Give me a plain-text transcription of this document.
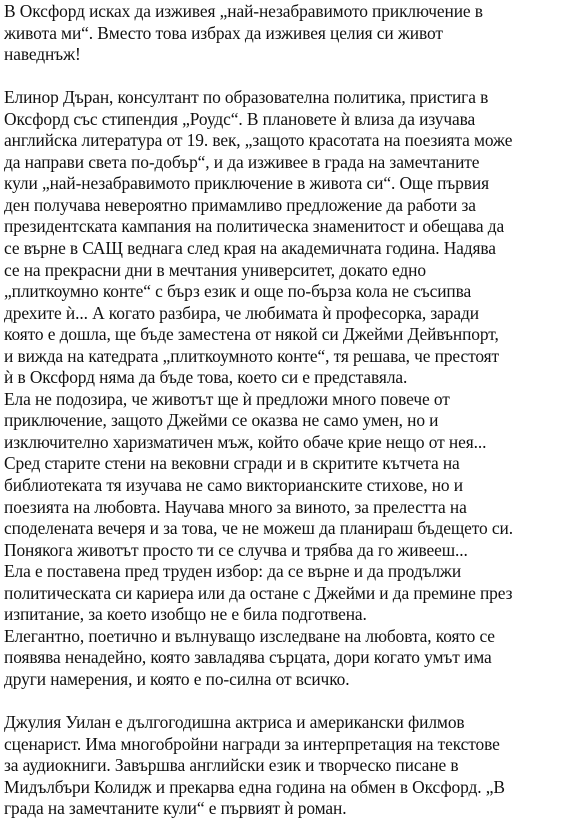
В Оксфорд исках да изживея „най-незабравимото приключение в
живота ми“. Вместо това избрах да изживея целия си живот
наведнъж!

Елинор Дъран, консултант по образователна политика, пристига в
Оксфорд със стипендия „Роудс“. В плановете ѝ влиза да изучава
английска литература от 19. век, „защото красотата на поезията може
да направи света по-добър“, и да изживее в града на замечтаните
кули „най-незабравимото приключение в живота си“. Още първия
ден получава невероятно примамливо предложение да работи за
президентската кампания на политическа знаменитост и обещава да
се върне в САЩ веднага след края на академичната година. Надява
се на прекрасни дни в мечтания университет, докато едно
„плиткоумно конте“ с бърз език и още по-бърза кола не съсипва
дрехите ѝ... А когато разбира, че любимата ѝ професорка, заради
която е дошла, ще бъде заместена от някой си Джейми Дейвънпорт,
и вижда на катедрата „плиткоумното конте“, тя решава, че престоят
ѝ в Оксфорд няма да бъде това, което си е представяла.

Ела не подозира, че животът ще ѝ предложи много повече от
приключение, защото Джейми се оказва не само умен, но и
изключително харизматичен мъж, който обаче крие нещо от нея...

Сред старите стени на вековни сгради и в скритите кътчета на
библиотеката тя изучава не само викторианските стихове, но и
поезията на любовта. Научава много за виното, за прелестта на
споделената вечеря и за това, че не можеш да планираш бъдещето си.
Понякога животът просто ти се случва и трябва да го живееш...

Ела е поставена пред труден избор: да се върне и да продължи
политическата си кариера или да остане с Джейми и да премине през
изпитание, за което изобщо не е била подготвена.

Елегантно, поетично и вълнуващо изследване на любовта, която се
появява ненадейно, която завладява сърцата, дори когато умът има
други намерения, и която е по-силна от всичко.

Джулия Уилан е дългогодишна актриса и американски филмов
сценарист. Има многобройни награди за интерпретация на текстове
за аудиокниги. Завършва английски език и творческо писане в
Мидълбъри Колидж и прекарва една година на обмен в Оксфорд. „В
града на замечтаните кули“ е първият ѝ роман.
